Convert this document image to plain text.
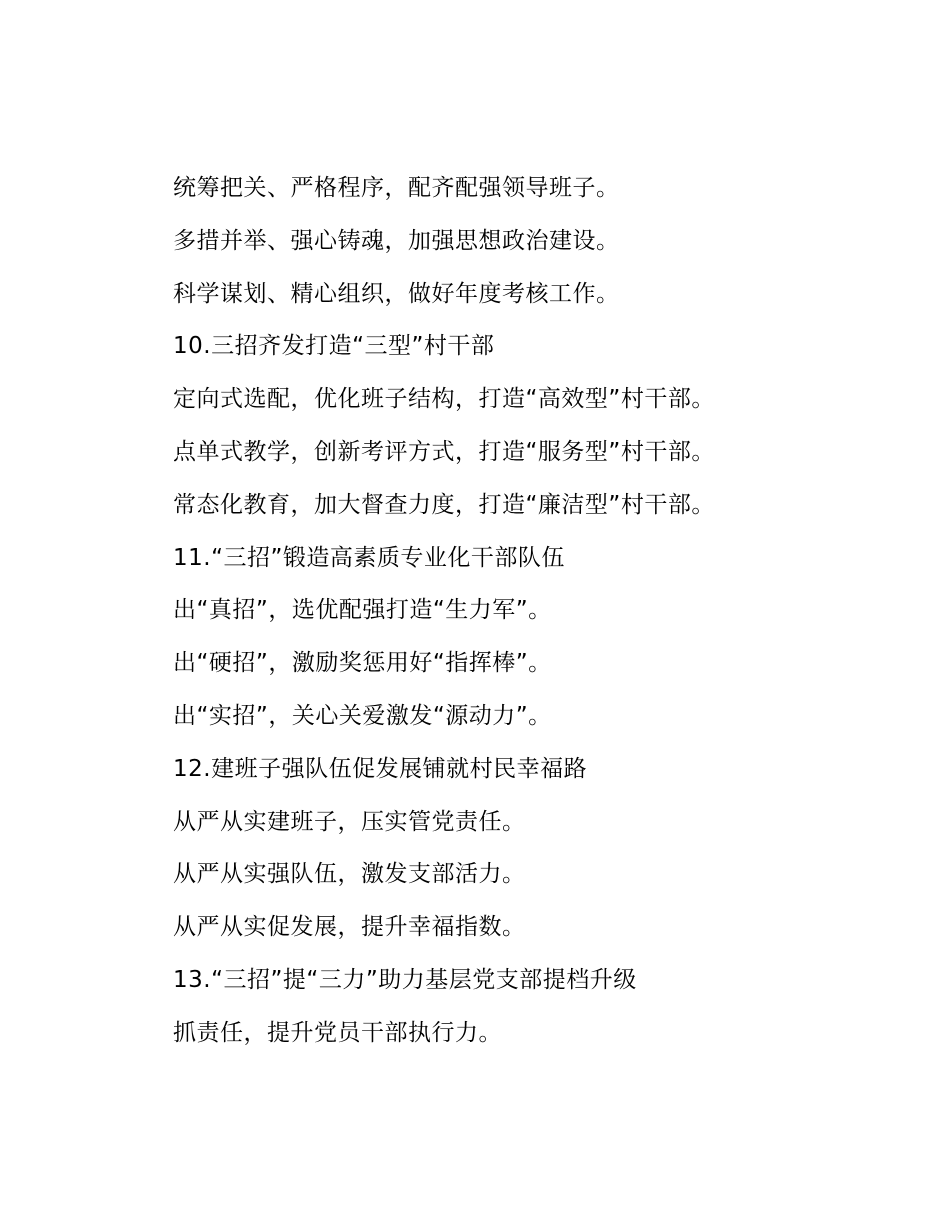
统筹把关、严格程序，配齐配强领导班子。
多措并举、强心铸魂，加强思想政治建设。
科学谋划、精心组织，做好年度考核工作。
10.三招齐发打造“三型”村干部
定向式选配，优化班子结构，打造“高效型”村干部。
点单式教学，创新考评方式，打造“服务型”村干部。
常态化教育，加大督查力度，打造“廉洁型”村干部。
11.“三招”锻造高素质专业化干部队伍
出“真招”，选优配强打造“生力军”。
出“硬招”，激励奖惩用好“指挥棒”。
出“实招”，关心关爱激发“源动力”。
12.建班子强队伍促发展铺就村民幸福路
从严从实建班子，压实管党责任。
从严从实强队伍，激发支部活力。
从严从实促发展，提升幸福指数。
13.“三招”提“三力”助力基层党支部提档升级
抓责任，提升党员干部执行力。
